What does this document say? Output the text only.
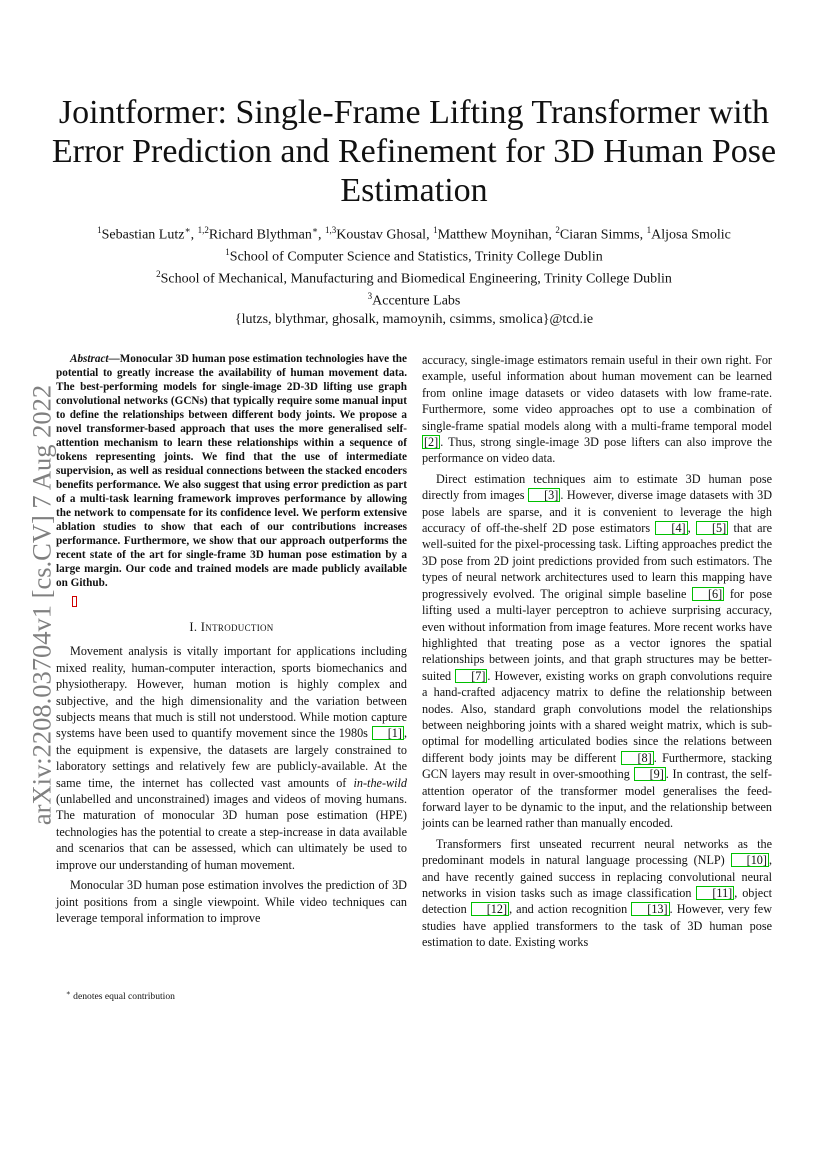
Jointformer: Single-Frame Lifting Transformer with Error Prediction and Refinement for 3D Human Pose Estimation
$^1$Sebastian Lutz∗, $^{1,2}$Richard Blythman∗, $^{1,3}$Koustav Ghosal, $^1$Matthew Moynihan, $^2$Ciaran Simms, $^1$Aljosa Smolic
$^1$School of Computer Science and Statistics, Trinity College Dublin
$^2$School of Mechanical, Manufacturing and Biomedical Engineering, Trinity College Dublin
$^3$Accenture Labs
{lutzs, blythmar, ghosalk, mamoynih, csimms, smolica}@tcd.ie
arXiv:2208.03704v1 [cs.CV] 7 Aug 2022

Abstract—Monocular 3D human pose estimation technologies have the potential to greatly increase the availability of human movement data. The best-performing models for single-image 2D-3D lifting use graph convolutional networks (GCNs) that typically require some manual input to define the relationships between different body joints. We propose a novel transformer-based approach that uses the more generalised self-attention mechanism to learn these relationships within a sequence of tokens representing joints. We find that the use of intermediate supervision, as well as residual connections between the stacked encoders benefits performance. We also suggest that using error prediction as part of a multi-task learning framework improves performance by allowing the network to compensate for its confidence level. We perform extensive ablation studies to show that each of our contributions increases performance. Furthermore, we show that our approach outperforms the recent state of the art for single-frame 3D human pose estimation by a large margin. Our code and trained models are made publicly available on Github.

I. Introduction

Movement analysis is vitally important for applications including mixed reality, human-computer interaction, sports biomechanics and physiotherapy. However, human motion is highly complex and subjective, and the high dimensionality and the variation between subjects means that much is still not understood. While motion capture systems have been used to quantify movement since the 1980s [1] , the equipment is expensive, the datasets are largely constrained to laboratory settings and relatively few are publicly-available. At the same time, the internet has collected vast amounts of in-the-wild (unlabelled and unconstrained) images and videos of moving humans. The maturation of monocular 3D human pose estimation (HPE) technologies has the potential to create a step-increase in data available and scenarios that can be assessed, which can ultimately be used to improve our understanding of human movement.

Monocular 3D human pose estimation involves the prediction of 3D joint positions from a single viewpoint. While video techniques can leverage temporal information to improve

∗ denotes equal contribution

accuracy, single-image estimators remain useful in their own right. For example, useful information about human movement can be learned from online image datasets or video datasets with low frame-rate. Furthermore, some video approaches opt to use a combination of single-frame spatial models along with a multi-frame temporal model [2] . Thus, strong single-image 3D pose lifters can also improve the performance on video data.

Direct estimation techniques aim to estimate 3D human pose directly from images [3] . However, diverse image datasets with 3D pose labels are sparse, and it is convenient to leverage the high accuracy of off-the-shelf 2D pose estimators [4] , [5] that are well-suited for the pixel-processing task. Lifting approaches predict the 3D pose from 2D joint predictions provided from such estimators. The types of neural network architectures used to learn this mapping have progressively evolved. The original simple baseline [6] for pose lifting used a multi-layer perceptron to achieve surprising accuracy, even without information from image features. More recent works have highlighted that treating pose as a vector ignores the spatial relationships between joints, and that graph structures may be better-suited [7] . However, existing works on graph convolutions require a hand-crafted adjacency matrix to define the relationship between nodes. Also, standard graph convolutions model the relationships between neighboring joints with a shared weight matrix, which is sub-optimal for modelling articulated bodies since the relations between different body joints may be different [8] . Furthermore, stacking GCN layers may result in over-smoothing [9] . In contrast, the self-attention operator of the transformer model generalises the feed-forward layer to be dynamic to the input, and the relationship between joints can be learned rather than manually encoded.

Transformers first unseated recurrent neural networks as the predominant models in natural language processing (NLP) [10] , and have recently gained success in replacing convolutional neural networks in vision tasks such as image classification [11] , object detection [12] , and action recognition [13] . However, very few studies have applied transformers to the task of 3D human pose estimation to date. Existing works
